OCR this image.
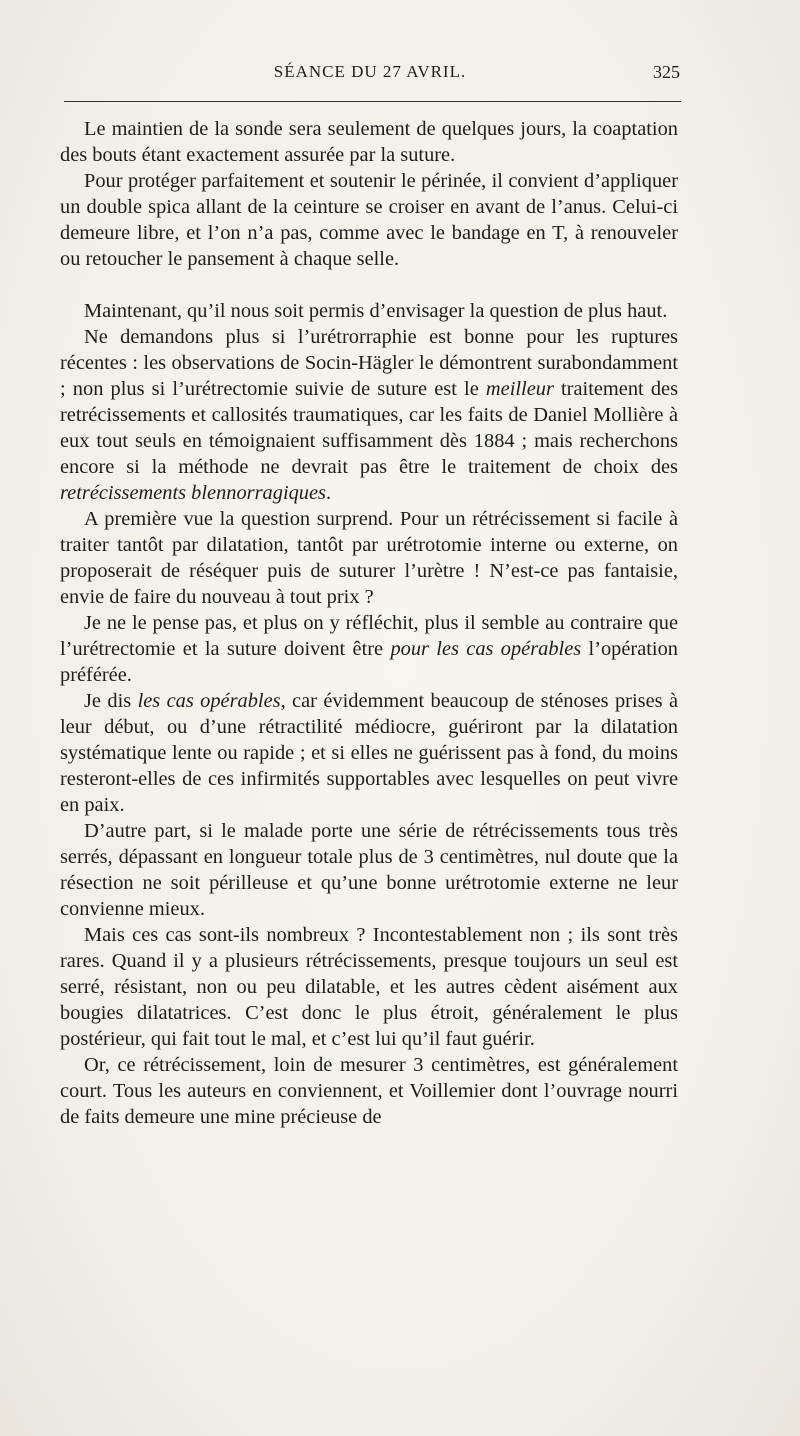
SÉANCE DU 27 AVRIL.	325

Le maintien de la sonde sera seulement de quelques jours, la coaptation des bouts étant exactement assurée par la suture.

Pour protéger parfaitement et soutenir le périnée, il convient d’appliquer un double spica allant de la ceinture se croiser en avant de l’anus. Celui-ci demeure libre, et l’on n’a pas, comme avec le bandage en T, à renouveler ou retoucher le pansement à chaque selle.

Maintenant, qu’il nous soit permis d’envisager la question de plus haut.

Ne demandons plus si l’urétrorraphie est bonne pour les ruptures récentes : les observations de Socin-Hägler le démontrent surabondamment ; non plus si l’urétrectomie suivie de suture est le meilleur traitement des retrécissements et callosités traumatiques, car les faits de Daniel Mollière à eux tout seuls en témoignaient suffisamment dès 1884 ; mais recherchons encore si la méthode ne devrait pas être le traitement de choix des retrécissements blennorragiques.

A première vue la question surprend. Pour un rétrécissement si facile à traiter tantôt par dilatation, tantôt par urétrotomie interne ou externe, on proposerait de réséquer puis de suturer l’urètre ! N’est-ce pas fantaisie, envie de faire du nouveau à tout prix ?

Je ne le pense pas, et plus on y réfléchit, plus il semble au contraire que l’urétrectomie et la suture doivent être pour les cas opérables l’opération préférée.

Je dis les cas opérables, car évidemment beaucoup de sténoses prises à leur début, ou d’une rétractilité médiocre, guériront par la dilatation systématique lente ou rapide ; et si elles ne guérissent pas à fond, du moins resteront-elles de ces infirmités supportables avec lesquelles on peut vivre en paix.

D’autre part, si le malade porte une série de rétrécissements tous très serrés, dépassant en longueur totale plus de 3 centimètres, nul doute que la résection ne soit périlleuse et qu’une bonne urétrotomie externe ne leur convienne mieux.

Mais ces cas sont-ils nombreux ? Incontestablement non ; ils sont très rares. Quand il y a plusieurs rétrécissements, presque toujours un seul est serré, résistant, non ou peu dilatable, et les autres cèdent aisément aux bougies dilatatrices. C’est donc le plus étroit, généralement le plus postérieur, qui fait tout le mal, et c’est lui qu’il faut guérir.

Or, ce rétrécissement, loin de mesurer 3 centimètres, est généralement court. Tous les auteurs en conviennent, et Voillemier dont l’ouvrage nourri de faits demeure une mine précieuse de
